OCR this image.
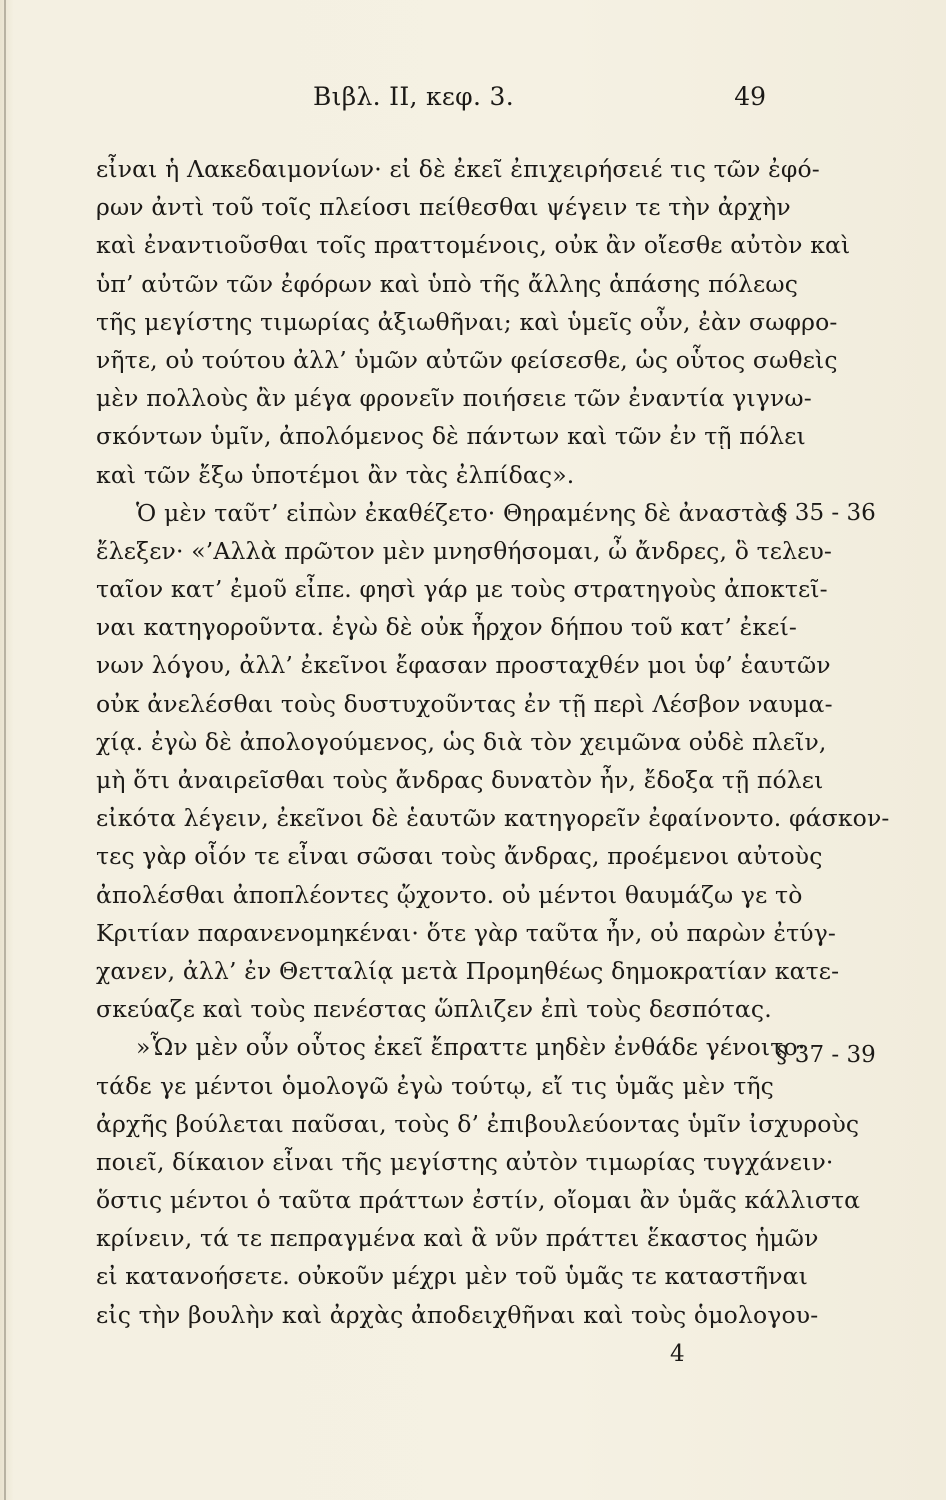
Βιβλ. II, κεφ. 3.	49
εἶναι ἡ Λακεδαιμονίων· εἰ δὲ ἐκεῖ ἐπιχειρήσειέ τις τῶν ἐφό-
ρων ἀντὶ τοῦ τοῖς πλείοσι πείθεσθαι ψέγειν τε τὴν ἀρχὴν
καὶ ἐναντιοῦσθαι τοῖς πραττομένοις, οὐκ ἂν οἴεσθε αὐτὸν καὶ
ὑπ’ αὐτῶν τῶν ἐφόρων καὶ ὑπὸ τῆς ἄλλης ἁπάσης πόλεως
τῆς μεγίστης τιμωρίας ἀξιωθῆναι; καὶ ὑμεῖς οὖν, ἐὰν σωφρο-
νῆτε, οὐ τούτου ἀλλ’ ὑμῶν αὐτῶν φείσεσθε, ὡς οὗτος σωθεὶς
μὲν πολλοὺς ἂν μέγα φρονεῖν ποιήσειε τῶν ἐναντία γιγνω-
σκόντων ὑμῖν, ἀπολόμενος δὲ πάντων καὶ τῶν ἐν τῇ πόλει
καὶ τῶν ἔξω ὑποτέμοι ἂν τὰς ἐλπίδας».
Ὁ μὲν ταῦτ’ εἰπὼν ἐκαθέζετο· Θηραμένης δὲ ἀναστὰς
ἔλεξεν· «’Αλλὰ πρῶτον μὲν μνησθήσομαι, ὦ ἄνδρες, ὃ τελευ-
ταῖον κατ’ ἐμοῦ εἶπε. φησὶ γάρ με τοὺς στρατηγοὺς ἀποκτεῖ-
ναι κατηγοροῦντα. ἐγὼ δὲ οὐκ ἦρχον δήπου τοῦ κατ’ ἐκεί-
νων λόγου, ἀλλ’ ἐκεῖνοι ἔφασαν προσταχθέν μοι ὑφ’ ἑαυτῶν
οὐκ ἀνελέσθαι τοὺς δυστυχοῦντας ἐν τῇ περὶ Λέσβον ναυμα-
χίᾳ. ἐγὼ δὲ ἀπολογούμενος, ὡς διὰ τὸν χειμῶνα οὐδὲ πλεῖν,
μὴ ὅτι ἀναιρεῖσθαι τοὺς ἄνδρας δυνατὸν ἦν, ἔδοξα τῇ πόλει
εἰκότα λέγειν, ἐκεῖνοι δὲ ἑαυτῶν κατηγορεῖν ἐφαίνοντο. φάσκον-
τες γὰρ οἷόν τε εἶναι σῶσαι τοὺς ἄνδρας, προέμενοι αὐτοὺς
ἀπολέσθαι ἀποπλέοντες ᾤχοντο. οὐ μέντοι θαυμάζω γε τὸ
Κριτίαν παρανενομηκέναι· ὅτε γὰρ ταῦτα ἦν, οὐ παρὼν ἐτύγ-
χανεν, ἀλλ’ ἐν Θετταλίᾳ μετὰ Προμηθέως δημοκρατίαν κατε-
σκεύαζε καὶ τοὺς πενέστας ὥπλιζεν ἐπὶ τοὺς δεσπότας.
»Ὧν μὲν οὖν οὗτος ἐκεῖ ἔπραττε μηδὲν ἐνθάδε γένοιτο·
τάδε γε μέντοι ὁμολογῶ ἐγὼ τούτῳ, εἴ τις ὑμᾶς μὲν τῆς
ἀρχῆς βούλεται παῦσαι, τοὺς δ’ ἐπιβουλεύοντας ὑμῖν ἰσχυροὺς
ποιεῖ, δίκαιον εἶναι τῆς μεγίστης αὐτὸν τιμωρίας τυγχάνειν·
ὅστις μέντοι ὁ ταῦτα πράττων ἐστίν, οἴομαι ἂν ὑμᾶς κάλλιστα
κρίνειν, τά τε πεπραγμένα καὶ ἃ νῦν πράττει ἕκαστος ἡμῶν
εἰ κατανοήσετε. οὐκοῦν μέχρι μὲν τοῦ ὑμᾶς τε καταστῆναι
εἰς τὴν βουλὴν καὶ ἀρχὰς ἀποδειχθῆναι καὶ τοὺς ὁμολογου-
§ 35 - 36
§ 37 - 39
4
